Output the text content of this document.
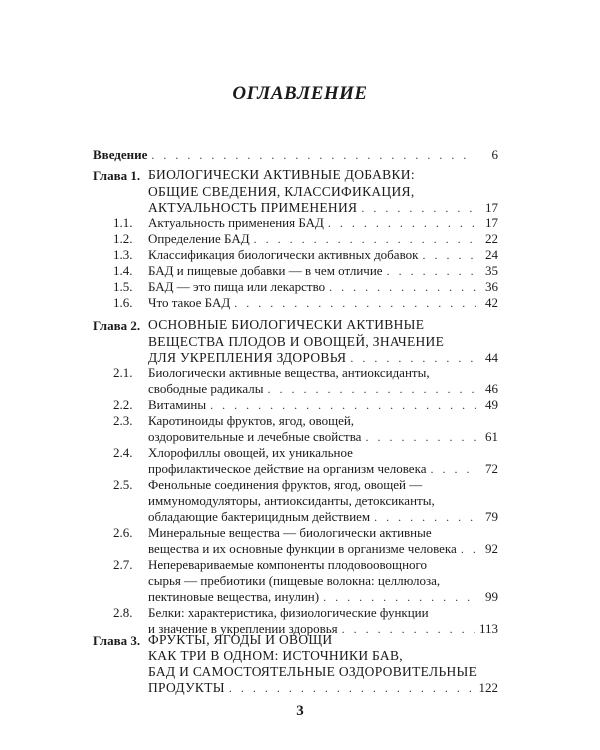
ОГЛАВЛЕНИЕ
Введение . . .	6
Глава 1. БИОЛОГИЧЕСКИ АКТИВНЫЕ ДОБАВКИ:
ОБЩИЕ СВЕДЕНИЯ, КЛАССИФИКАЦИЯ,
АКТУАЛЬНОСТЬ ПРИМЕНЕНИЯ . . .	17
1.1. Актуальность применения БАД . . .	17
1.2. Определение БАД . . .	22
1.3. Классификация биологически активных добавок . . .	24
1.4. БАД и пищевые добавки — в чем отличие . . .	35
1.5. БАД — это пища или лекарство . . .	36
1.6. Что такое БАД . . .	42
Глава 2. ОСНОВНЫЕ БИОЛОГИЧЕСКИ АКТИВНЫЕ
ВЕЩЕСТВА ПЛОДОВ И ОВОЩЕЙ, ЗНАЧЕНИЕ
ДЛЯ УКРЕПЛЕНИЯ ЗДОРОВЬЯ . . .	44
2.1. Биологически активные вещества, антиоксиданты,
свободные радикалы . . .	46
2.2. Витамины . . .	49
2.3. Каротиноиды фруктов, ягод, овощей,
оздоровительные и лечебные свойства . . .	61
2.4. Хлорофиллы овощей, их уникальное
профилактическое действие на организм человека . . .	72
2.5. Фенольные соединения фруктов, ягод, овощей —
иммуномодуляторы, антиоксиданты, детоксиканты,
обладающие бактерицидным действием . . .	79
2.6. Минеральные вещества — биологически активные
вещества и их основные функции в организме человека . . .	92
2.7. Неперевариваемые компоненты плодовоовощного
сырья — пребиотики (пищевые волокна: целлюлоза,
пектиновые вещества, инулин) . . .	99
2.8. Белки: характеристика, физиологические функции
и значение в укреплении здоровья . . .	113
Глава 3. ФРУКТЫ, ЯГОДЫ И ОВОЩИ
КАК ТРИ В ОДНОМ: ИСТОЧНИКИ БАВ,
БАД И САМОСТОЯТЕЛЬНЫЕ ОЗДОРОВИТЕЛЬНЫЕ
ПРОДУКТЫ . . .	122
3
